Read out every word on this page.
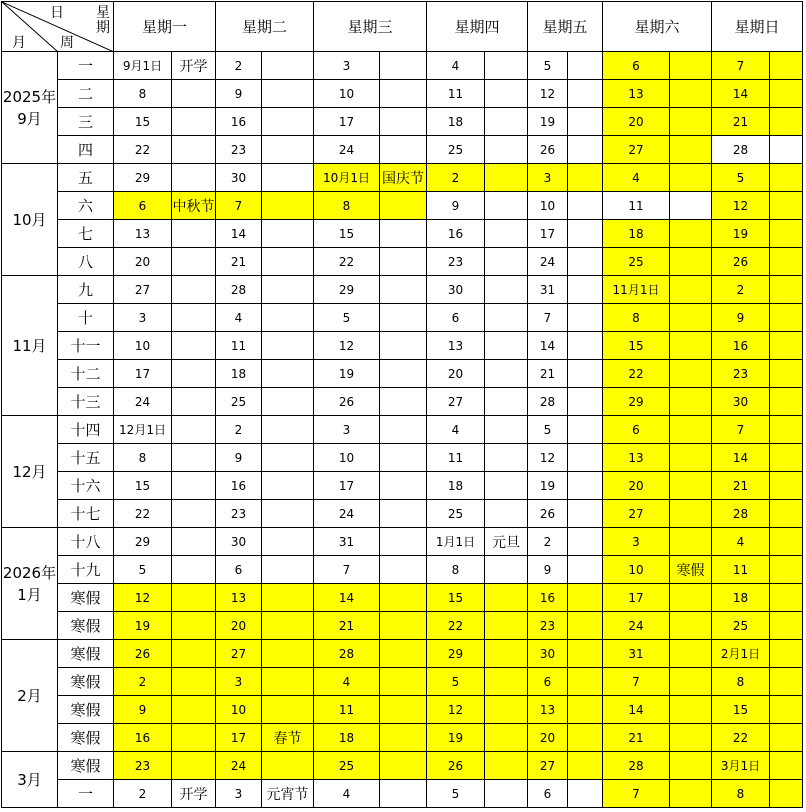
日 星
期
月 周		星期一		星期二		星期三		星期四		星期五		星期六		星期日	
2025年9月	一	9月1日	开学	2		3		4		5		6		7	
	二	8		9		10		11		12		13		14	
	三	15		16		17		18		19		20		21	
	四	22		23		24		25		26		27		28	
10月	五	29		30		10月1日	国庆节	2		3		4		5	
	六	6	中秋节	7		8		9		10		11		12	
	七	13		14		15		16		17		18		19	
	八	20		21		22		23		24		25		26	
11月	九	27		28		29		30		31		11月1日		2	
	十	3		4		5		6		7		8		9	
	十一	10		11		12		13		14		15		16	
	十二	17		18		19		20		21		22		23	
	十三	24		25		26		27		28		29		30	
12月	十四	12月1日		2		3		4		5		6		7	
	十五	8		9		10		11		12		13		14	
	十六	15		16		17		18		19		20		21	
	十七	22		23		24		25		26		27		28	
2026年1月	十八	29		30		31		1月1日	元旦	2		3		4	
	十九	5		6		7		8		9		10	寒假	11	
	寒假	12		13		14		15		16		17		18	
	寒假	19		20		21		22		23		24		25	
2月	寒假	26		27		28		29		30		31		2月1日	
	寒假	2		3		4		5		6		7		8	
	寒假	9		10		11		12		13		14		15	
	寒假	16		17	春节	18		19		20		21		22	
3月	寒假	23		24		25		26		27		28		3月1日	
	一	2	开学	3	元宵节	4		5		6		7		8	
